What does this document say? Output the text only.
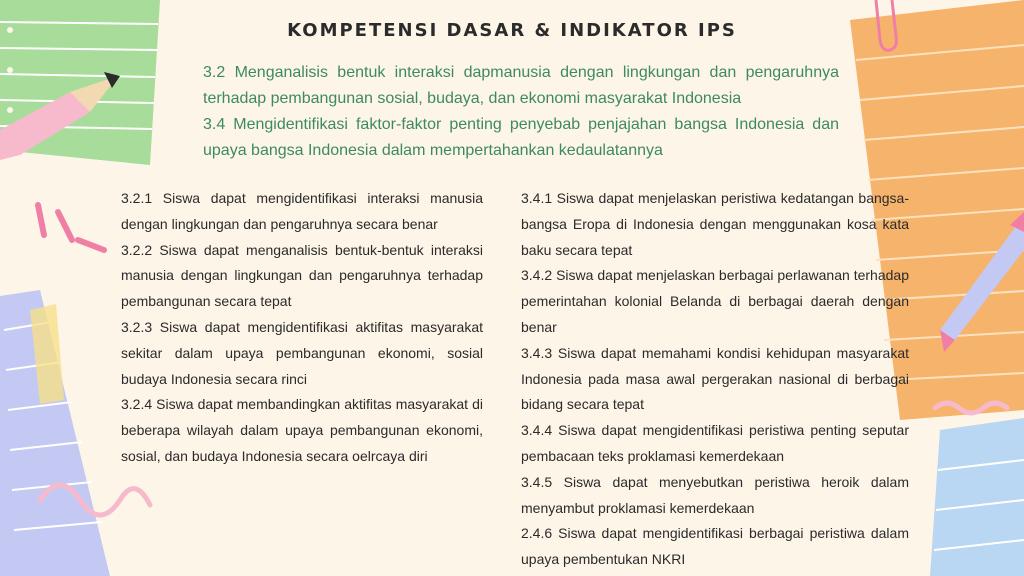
KOMPETENSI DASAR & INDIKATOR IPS

3.2 Menganalisis bentuk interaksi dapmanusia dengan lingkungan dan pengaruhnya terhadap pembangunan sosial, budaya, dan ekonomi masyarakat Indonesia

3.4 Mengidentifikasi faktor-faktor penting penyebab penjajahan bangsa Indonesia dan upaya bangsa Indonesia dalam mempertahankan kedaulatannya

3.2.1 Siswa dapat mengidentifikasi interaksi manusia dengan lingkungan dan pengaruhnya secara benar

3.2.2 Siswa dapat menganalisis bentuk-bentuk interaksi manusia dengan lingkungan dan pengaruhnya terhadap pembangunan secara tepat

3.2.3 Siswa dapat mengidentifikasi aktifitas masyarakat sekitar dalam upaya pembangunan ekonomi, sosial budaya Indonesia secara rinci

3.2.4 Siswa dapat membandingkan aktifitas masyarakat di beberapa wilayah dalam upaya pembangunan ekonomi, sosial, dan budaya Indonesia secara oelrcaya diri

3.4.1 Siswa dapat menjelaskan peristiwa kedatangan bangsa-bangsa Eropa di Indonesia dengan menggunakan kosa kata baku secara tepat

3.4.2 Siswa dapat menjelaskan berbagai perlawanan terhadap pemerintahan kolonial Belanda di berbagai daerah dengan benar

3.4.3 Siswa dapat memahami kondisi kehidupan masyarakat Indonesia pada masa awal pergerakan nasional di berbagai bidang secara tepat

3.4.4 Siswa dapat mengidentifikasi peristiwa penting seputar pembacaan teks proklamasi kemerdekaan

3.4.5 Siswa dapat menyebutkan peristiwa heroik dalam menyambut proklamasi kemerdekaan

2.4.6 Siswa dapat mengidentifikasi berbagai peristiwa dalam upaya pembentukan NKRI
